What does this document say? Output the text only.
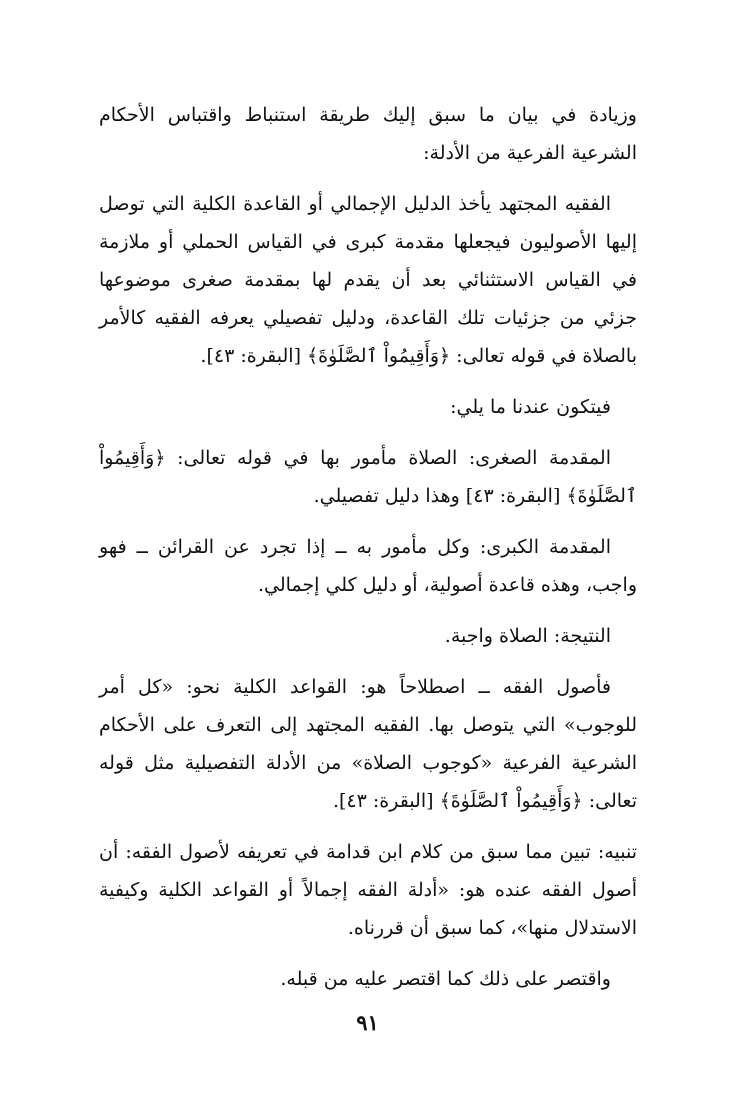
وزيادة في بيان ما سبق إليك طريقة استنباط واقتباس الأحكام الشرعية الفرعية من الأدلة:

الفقيه المجتهد يأخذ الدليل الإجمالي أو القاعدة الكلية التي توصل إليها الأصوليون فيجعلها مقدمة كبرى في القياس الحملي أو ملازمة في القياس الاستثنائي بعد أن يقدم لها بمقدمة صغرى موضوعها جزئي من جزئيات تلك القاعدة، ودليل تفصيلي يعرفه الفقيه كالأمر بالصلاة في قوله تعالى: ﴿وَأَقِيمُواْ ٱلصَّلَوٰةَ﴾ [البقرة: ٤٣].

فيتكون عندنا ما يلي:

المقدمة الصغرى: الصلاة مأمور بها في قوله تعالى: ﴿وَأَقِيمُواْ ٱلصَّلَوٰةَ﴾ [البقرة: ٤٣] وهذا دليل تفصيلي.

المقدمة الكبرى: وكل مأمور به ــ إذا تجرد عن القرائن ــ فهو واجب، وهذه قاعدة أصولية، أو دليل كلي إجمالي.

النتيجة: الصلاة واجبة.

فأصول الفقه ــ اصطلاحاً هو: القواعد الكلية نحو: «كل أمر للوجوب» التي يتوصل بها. الفقيه المجتهد إلى التعرف على الأحكام الشرعية الفرعية «كوجوب الصلاة» من الأدلة التفصيلية مثل قوله تعالى: ﴿وَأَقِيمُواْ ٱلصَّلَوٰةَ﴾ [البقرة: ٤٣].

تنبيه: تبين مما سبق من كلام ابن قدامة في تعريفه لأصول الفقه: أن أصول الفقه عنده هو: «أدلة الفقه إجمالاً أو القواعد الكلية وكيفية الاستدلال منها»، كما سبق أن قررناه.

واقتصر على ذلك كما اقتصر عليه من قبله.

٩١
